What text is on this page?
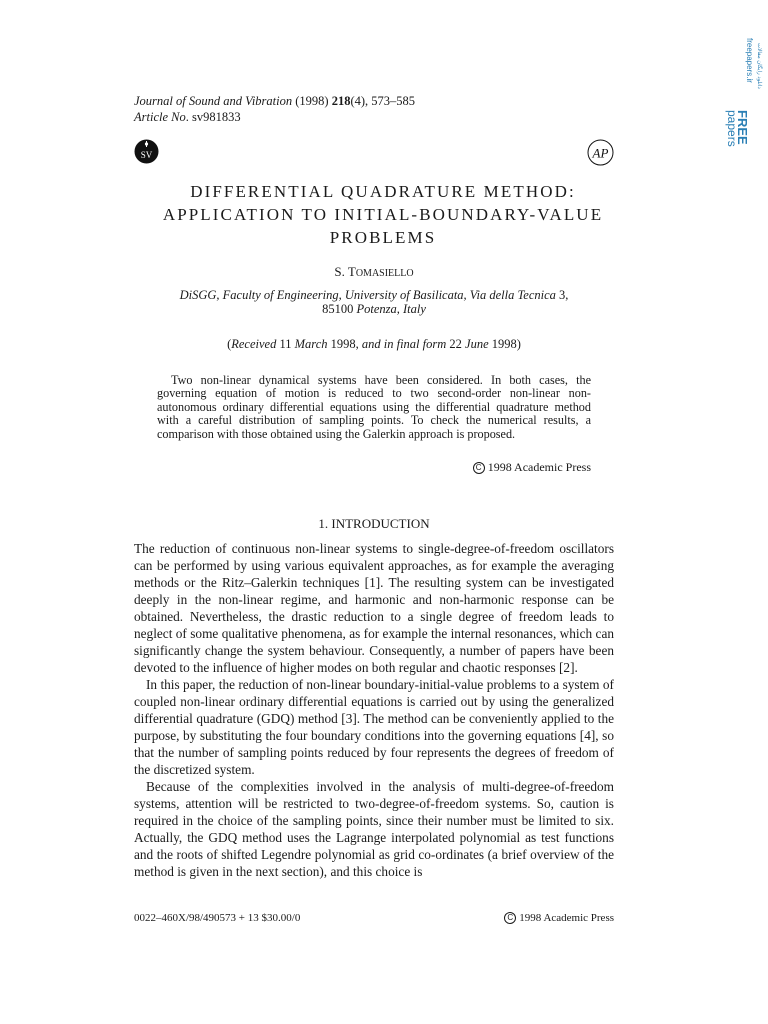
Journal of Sound and Vibration (1998) 218(4), 573–585
Article No. sv981833
SV	AP
دانلود رایگان مقالات
freepapers.ir
FREE
papers
DIFFERENTIAL QUADRATURE METHOD:
APPLICATION TO INITIAL-BOUNDARY-VALUE
PROBLEMS
S. TOMASIELLO
DiSGG, Faculty of Engineering, University of Basilicata, Via della Tecnica 3,
85100 Potenza, Italy
(Received 11 March 1998, and in final form 22 June 1998)
Two non-linear dynamical systems have been considered. In both cases, the governing equation of motion is reduced to two second-order non-linear non-autonomous ordinary differential equations using the differential quadrature method with a careful distribution of sampling points. To check the numerical results, a comparison with those obtained using the Galerkin approach is proposed.
C 1998 Academic Press
1. INTRODUCTION

The reduction of continuous non-linear systems to single-degree-of-freedom oscillators can be performed by using various equivalent approaches, as for example the averaging methods or the Ritz–Galerkin techniques [1]. The resulting system can be investigated deeply in the non-linear regime, and harmonic and non-harmonic response can be obtained. Nevertheless, the drastic reduction to a single degree of freedom leads to neglect of some qualitative phenomena, as for example the internal resonances, which can significantly change the system behaviour. Consequently, a number of papers have been devoted to the influence of higher modes on both regular and chaotic responses [2].

In this paper, the reduction of non-linear boundary-initial-value problems to a system of coupled non-linear ordinary differential equations is carried out by using the generalized differential quadrature (GDQ) method [3]. The method can be conveniently applied to the purpose, by substituting the four boundary conditions into the governing equations [4], so that the number of sampling points reduced by four represents the degrees of freedom of the discretized system.

Because of the complexities involved in the analysis of multi-degree-of-freedom systems, attention will be restricted to two-degree-of-freedom systems. So, caution is required in the choice of the sampling points, since their number must be limited to six. Actually, the GDQ method uses the Lagrange interpolated polynomial as test functions and the roots of shifted Legendre polynomial as grid co-ordinates (a brief overview of the method is given in the next section), and this choice is

0022–460X/98/490573 + 13 $30.00/0	C 1998 Academic Press
